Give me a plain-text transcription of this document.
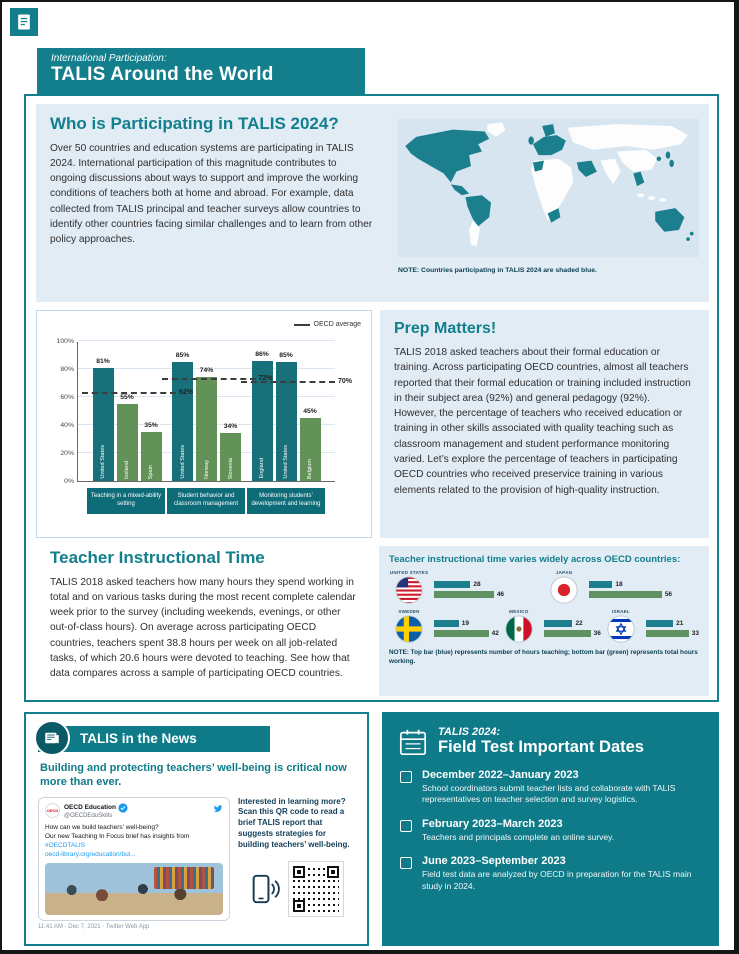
International Participation:
TALIS Around the World
Who is Participating in TALIS 2024?

Over 50 countries and education systems are participating in TALIS 2024. International participation of this magnitude contributes to ongoing discussions about ways to support and improve the working conditions of teachers both at home and abroad. For example, data collected from TALIS principal and teacher surveys allow countries to identify other countries facing similar challenges and to learn from other policy approaches.

NOTE: Countries participating in TALIS 2024 are shaded blue.
OECD average
0%
20%
40%
60%
80%
100%
81%
United States
55%
Iceland
35%
Spain
62%
85%
United States
74%
Norway
34%
Slovenia
72%
86%
England
85%
United States
45%
Belgium
70%
Teaching in a mixed-ability setting
Student behavior and classroom management
Monitoring students’ development and learning
Prep Matters!

TALIS 2018 asked teachers about their formal education or training. Across participating OECD countries, almost all teachers reported that their formal education or training included instruction in their subject area (92%) and general pedagogy (92%). However, the percentage of teachers who received education or training in other skills associated with quality teaching such as classroom management and student performance monitoring varied. Let’s explore the percentage of teachers in participating OECD countries who received preservice training in various elements related to the provision of high-quality instruction.

Teacher Instructional Time

TALIS 2018 asked teachers how many hours they spend working in total and on various tasks during the most recent complete calendar week prior to the survey (including weekends, evenings, or other out-of-class hours). On average across participating OECD countries, teachers spent 38.8 hours per week on all job-related tasks, of which 20.6 hours were devoted to teaching. See how that data compares across a sample of participating OECD countries.

Teacher instructional time varies widely across OECD countries:
UNITED STATES
28
46
JAPAN
18
56
SWEDEN
19
42
MEXICO
22
36
ISRAEL
21
33
NOTE: Top bar (blue) represents number of hours teaching; bottom bar (green) represents total hours working.
TALIS in the News
Building and protecting teachers’ well-being is critical now more than ever.
OECD OECD Education
@OECDEduSkills
How can we build teachers’ well-being?
Our new Teaching In Focus brief has insights from #OECDTALIS
oecd-library.org/education/bul...
11:41 AM · Dec 7, 2021 · Twitter Web App
Interested in learning more? Scan this QR code to read a brief TALIS report that suggests strategies for building teachers’ well-being.
TALIS 2024:
Field Test Important Dates
December 2022–January 2023
School coordinators submit teacher lists and collaborate with TALIS representatives on teacher selection and survey logistics.
February 2023–March 2023
Teachers and principals complete an online survey.
June 2023–September 2023
Field test data are analyzed by OECD in preparation for the TALIS main study in 2024.
